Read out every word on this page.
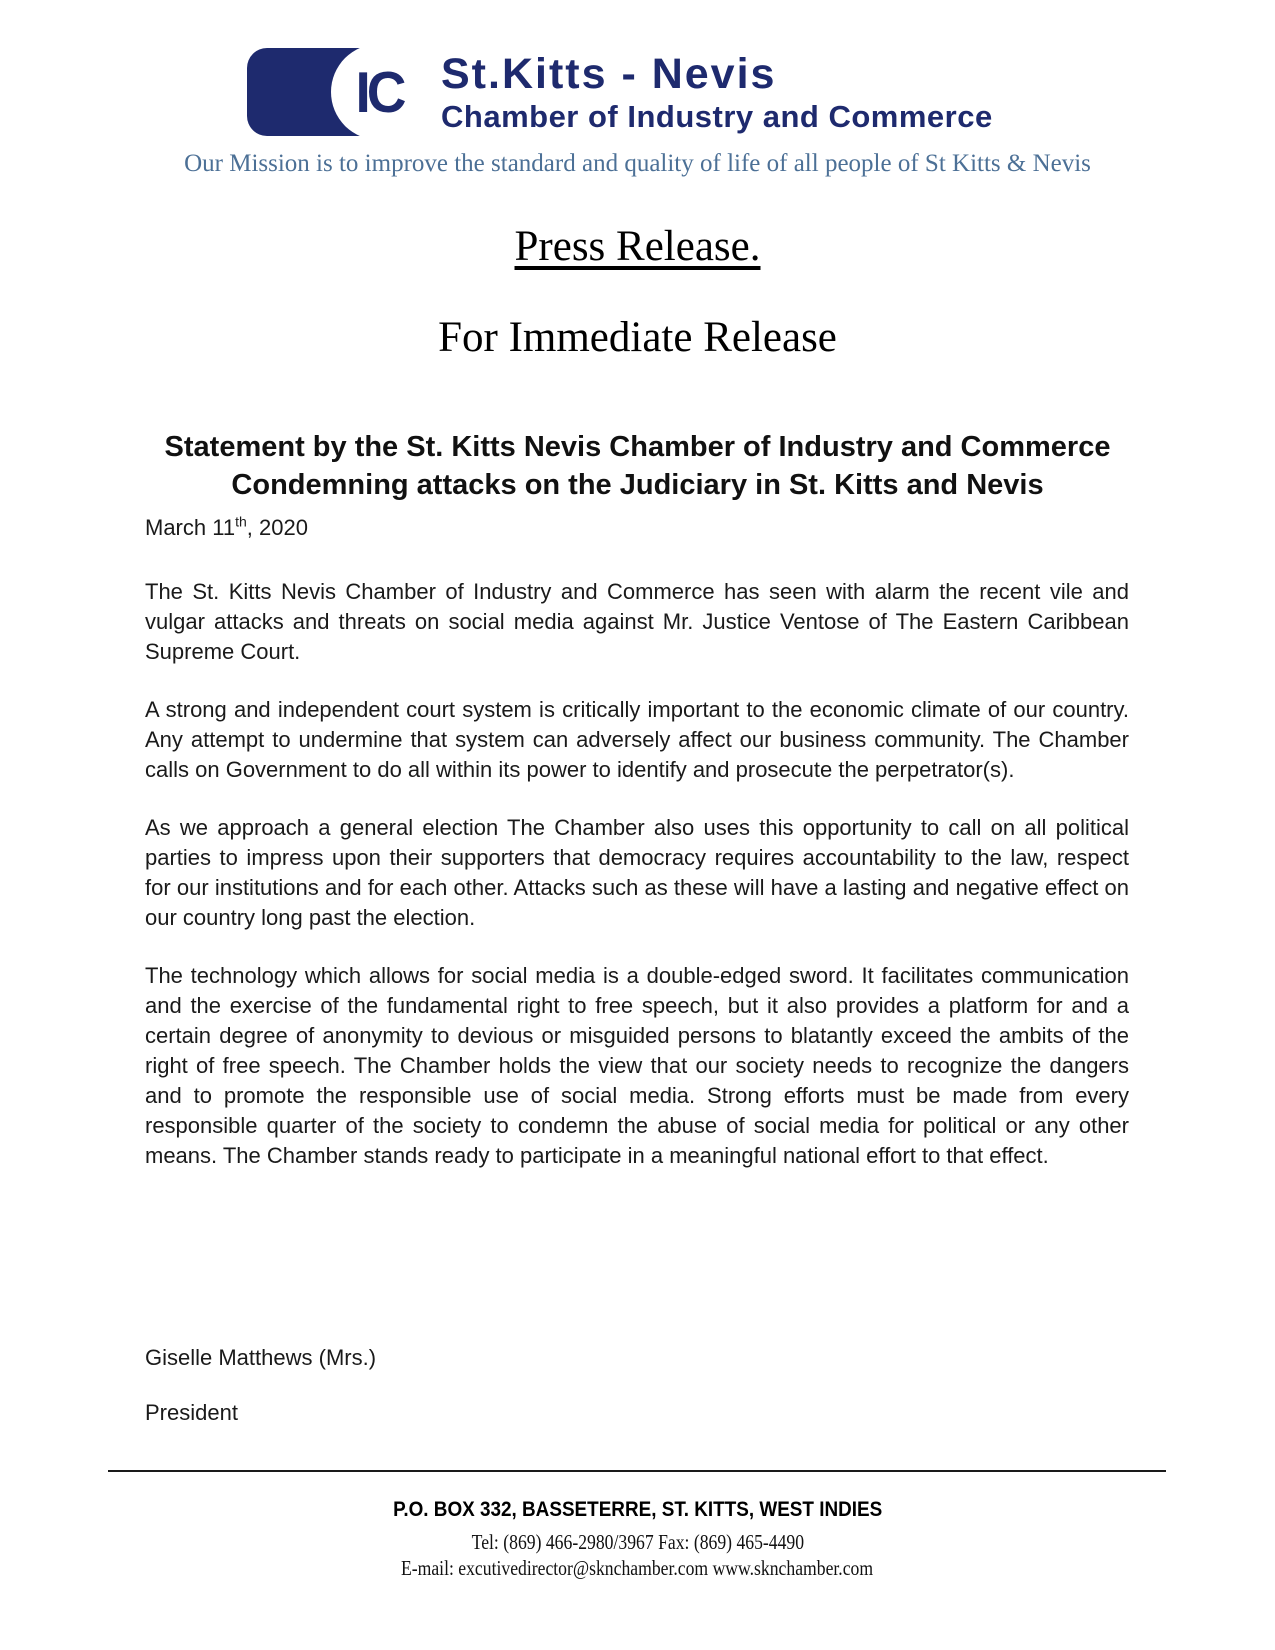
IC St.Kitts - Nevis
Chamber of Industry and Commerce
Our Mission is to improve the standard and quality of life of all people of St Kitts & Nevis
Press Release.
For Immediate Release
Statement by the St. Kitts Nevis Chamber of Industry and Commerce
Condemning attacks on the Judiciary in St. Kitts and Nevis
March 11th, 2020

The St. Kitts Nevis Chamber of Industry and Commerce has seen with alarm the recent vile and vulgar attacks and threats on social media against Mr. Justice Ventose of The Eastern Caribbean Supreme Court.

A strong and independent court system is critically important to the economic climate of our country. Any attempt to undermine that system can adversely affect our business community. The Chamber calls on Government to do all within its power to identify and prosecute the perpetrator(s).

As we approach a general election The Chamber also uses this opportunity to call on all political parties to impress upon their supporters that democracy requires accountability to the law, respect for our institutions and for each other. Attacks such as these will have a lasting and negative effect on our country long past the election.

The technology which allows for social media is a double-edged sword. It facilitates communication and the exercise of the fundamental right to free speech, but it also provides a platform for and a certain degree of anonymity to devious or misguided persons to blatantly exceed the ambits of the right of free speech. The Chamber holds the view that our society needs to recognize the dangers and to promote the responsible use of social media. Strong efforts must be made from every responsible quarter of the society to condemn the abuse of social media for political or any other means. The Chamber stands ready to participate in a meaningful national effort to that effect.

Giselle Matthews (Mrs.)
President
P.O. BOX 332, BASSETERRE, ST. KITTS, WEST INDIES
Tel: (869) 466-2980/3967 Fax: (869) 465-4490
E-mail: excutivedirector@sknchamber.com www.sknchamber.com
